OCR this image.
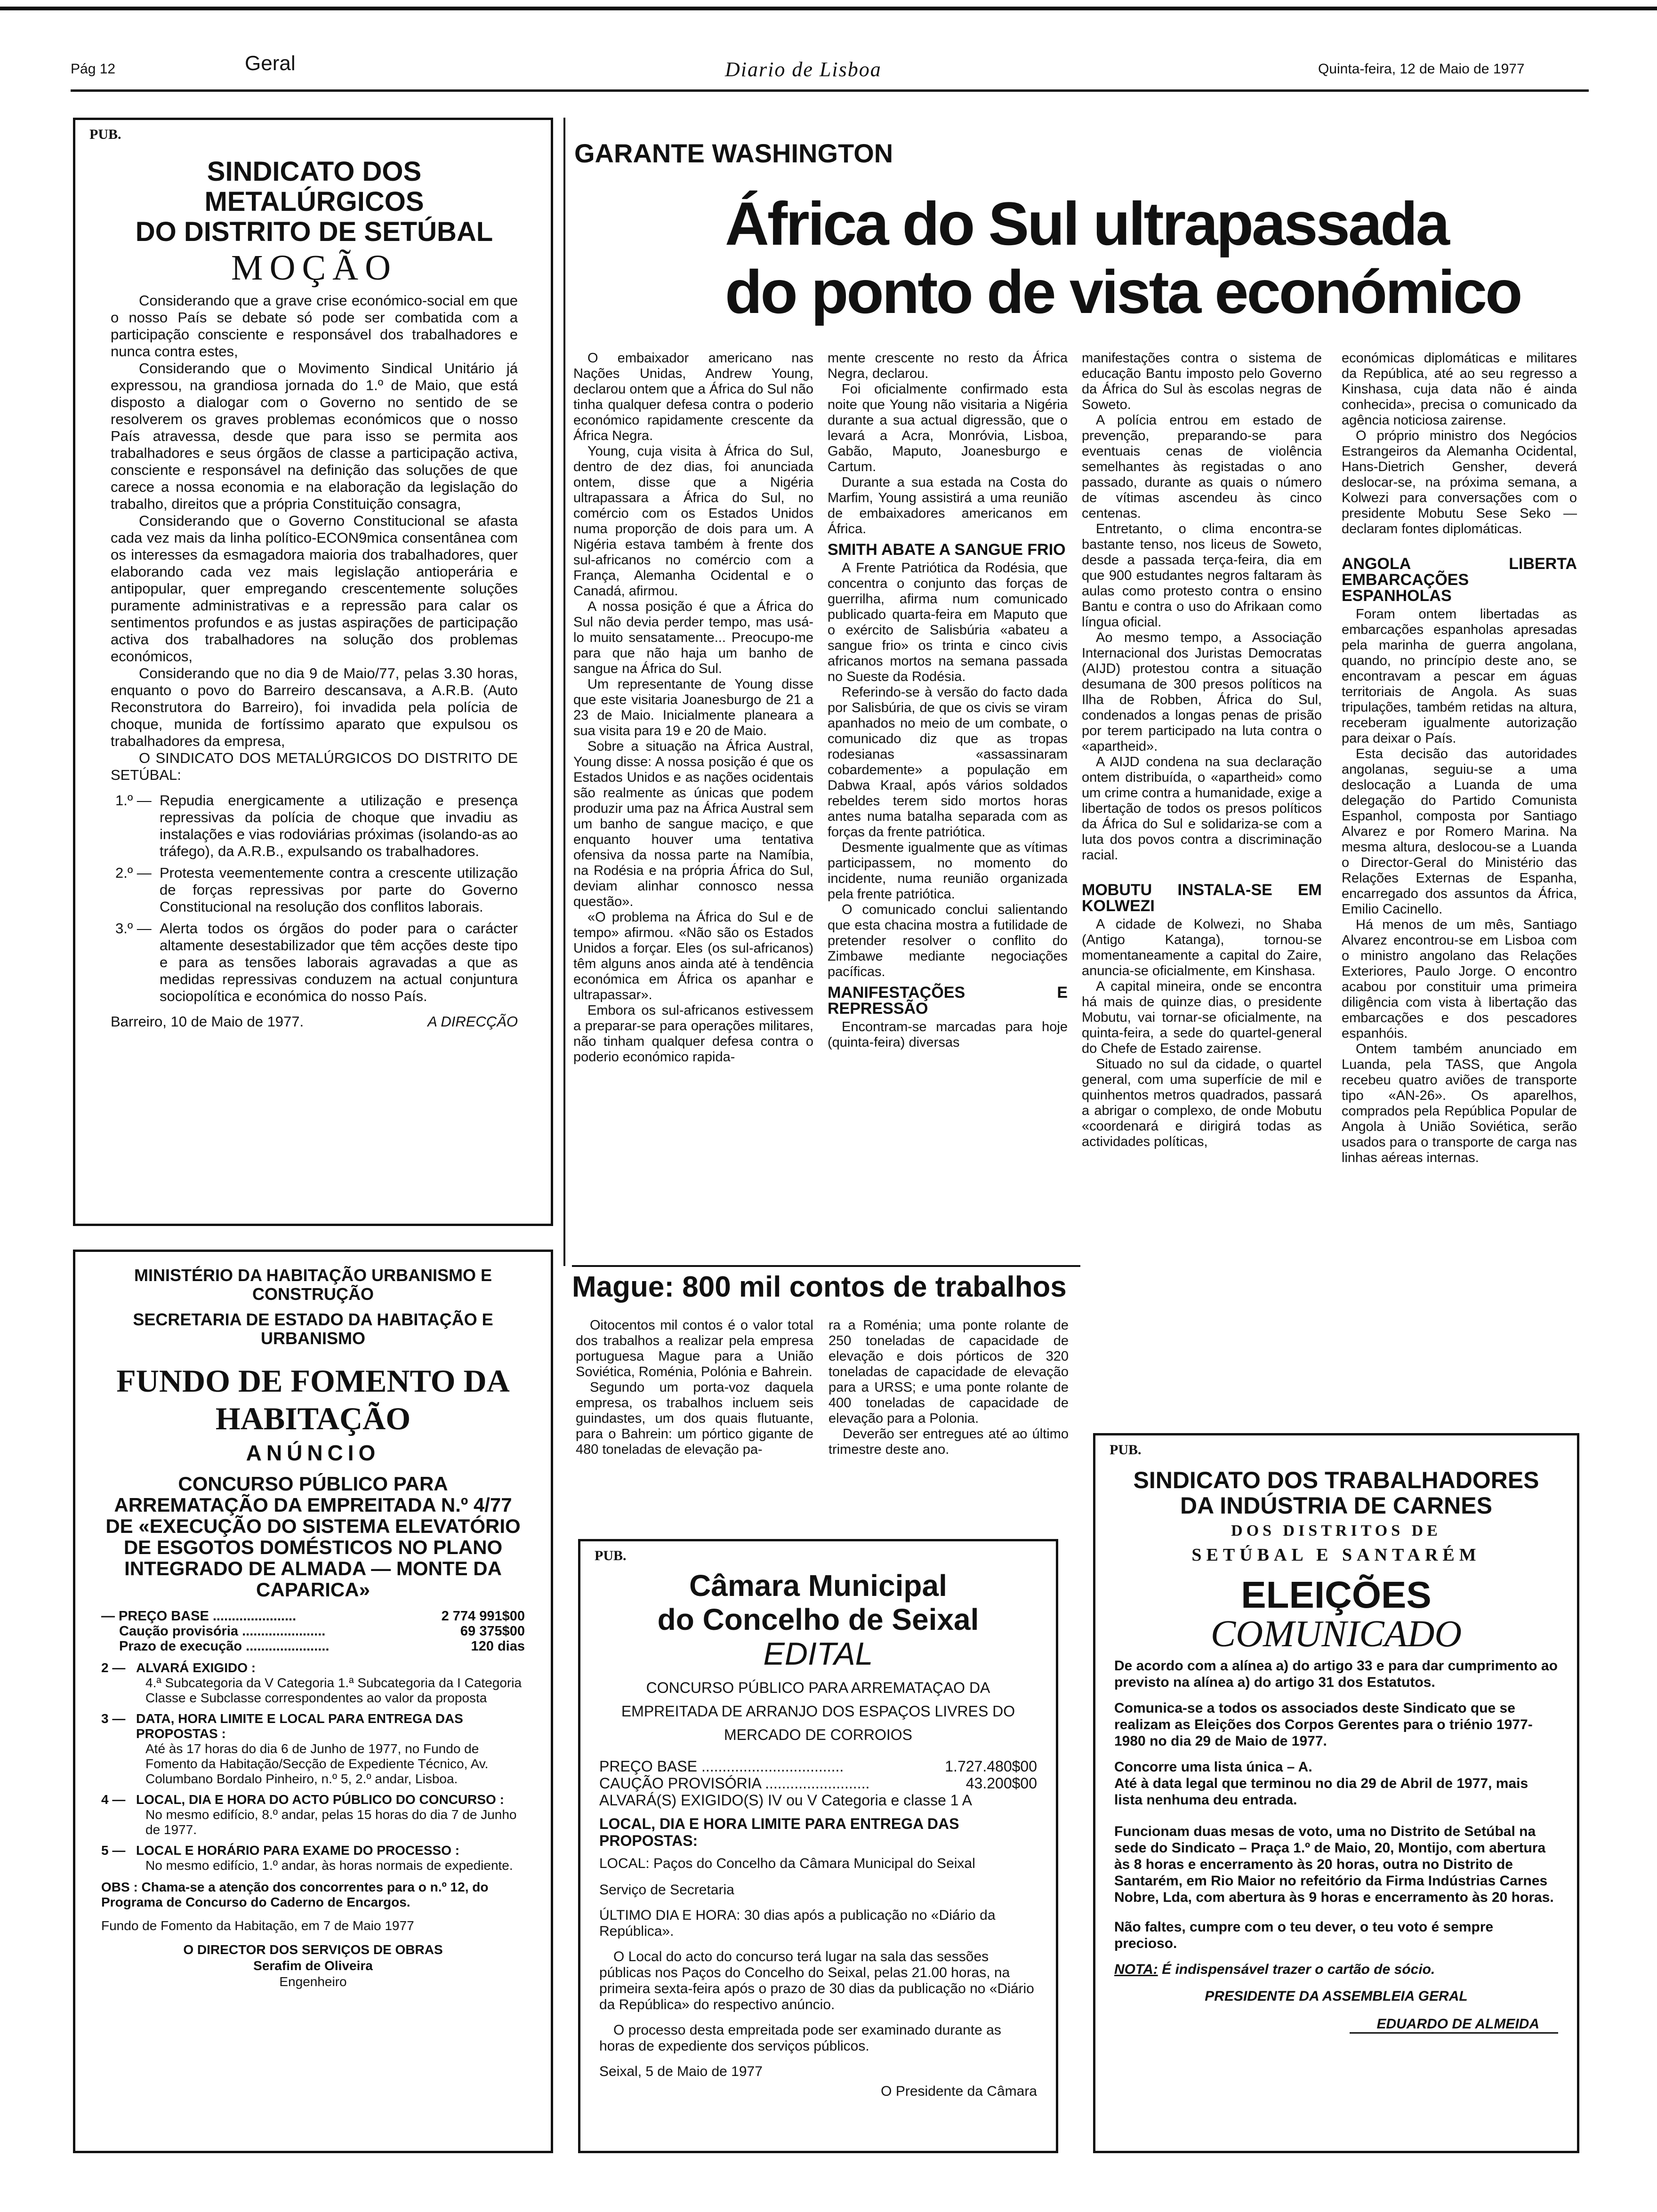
Pág 12	Geral	Diario de Lisboa	Quinta-feira, 12 de Maio de 1977
PUB.
SINDICATO DOS METALÚRGICOS
DO DISTRITO DE SETÚBAL
MOÇÃO

Considerando que a grave crise económico-social em que o nosso País se debate só pode ser combatida com a participação consciente e responsável dos trabalhadores e nunca contra estes,

Considerando que o Movimento Sindical Unitário já expressou, na grandiosa jornada do 1.º de Maio, que está disposto a dialogar com o Governo no sentido de se resolverem os graves problemas económicos que o nosso País atravessa, desde que para isso se permita aos trabalhadores e seus órgãos de classe a participação activa, consciente e responsável na definição das soluções de que carece a nossa economia e na elaboração da legislação do trabalho, direitos que a própria Constituição consagra,

Considerando que o Governo Constitucional se afasta cada vez mais da linha político-ECON9mica consentânea com os interesses da esmagadora maioria dos trabalhadores, quer elaborando cada vez mais legislação antioperária e antipopular, quer empregando crescentemente soluções puramente administrativas e a repressão para calar os sentimentos profundos e as justas aspirações de participação activa dos trabalhadores na solução dos problemas económicos,

Considerando que no dia 9 de Maio/77, pelas 3.30 horas, enquanto o povo do Barreiro descansava, a A.R.B. (Auto Reconstrutora do Barreiro), foi invadida pela polícia de choque, munida de fortíssimo aparato que expulsou os trabalhadores da empresa,

O SINDICATO DOS METALÚRGICOS DO DISTRITO DE SETÚBAL:

1.º — Repudia energicamente a utilização e presença repressivas da polícia de choque que invadiu as instalações e vias rodoviárias próximas (isolando-as ao tráfego), da A.R.B., expulsando os trabalhadores.
2.º — Protesta veementemente contra a crescente utilização de forças repressivas por parte do Governo Constitucional na resolução dos conflitos laborais.
3.º — Alerta todos os órgãos do poder para o carácter altamente desestabilizador que têm acções deste tipo e para as tensões laborais agravadas a que as medidas repressivas conduzem na actual conjuntura sociopolítica e económica do nosso País.
Barreiro, 10 de Maio de 1977.	A DIRECÇÃO
MINISTÉRIO DA HABITAÇÃO URBANISMO E CONSTRUÇÃO
SECRETARIA DE ESTADO DA HABITAÇÃO E URBANISMO
FUNDO DE FOMENTO DA HABITAÇÃO
ANÚNCIO
CONCURSO PÚBLICO PARA ARREMATAÇÃO DA EMPREITADA N.º 4/77 DE «EXECUÇÃO DO SISTEMA ELEVATÓRIO DE ESGOTOS DOMÉSTICOS NO PLANO INTEGRADO DE ALMADA — MONTE DA CAPARICA»
— PREÇO BASE ......................	2 774 991$00
Caução provisória ......................	69 375$00
Prazo de execução ......................	120 dias
2 — ALVARÁ EXIGIDO :
4.ª Subcategoria da V Categoria 1.ª Subcategoria da I Categoria Classe e Subclasse correspondentes ao valor da proposta
3 — DATA, HORA LIMITE E LOCAL PARA ENTREGA DAS PROPOSTAS :
Até às 17 horas do dia 6 de Junho de 1977, no Fundo de Fomento da Habitação/Secção de Expediente Técnico, Av. Columbano Bordalo Pinheiro, n.º 5, 2.º andar, Lisboa.
4 — LOCAL, DIA E HORA DO ACTO PÚBLICO DO CONCURSO :
No mesmo edifício, 8.º andar, pelas 15 horas do dia 7 de Junho de 1977.
5 — LOCAL E HORÁRIO PARA EXAME DO PROCESSO :
No mesmo edifício, 1.º andar, às horas normais de expediente.
OBS : Chama-se a atenção dos concorrentes para o n.º 12, do Programa de Concurso do Caderno de Encargos.
Fundo de Fomento da Habitação, em 7 de Maio 1977
O DIRECTOR DOS SERVIÇOS DE OBRAS
Serafim de Oliveira
Engenheiro
GARANTE WASHINGTON
África do Sul ultrapassada
do ponto de vista económico

O embaixador americano nas Nações Unidas, Andrew Young, declarou ontem que a África do Sul não tinha qualquer defesa contra o poderio económico rapidamente crescente da África Negra.

Young, cuja visita à África do Sul, dentro de dez dias, foi anunciada ontem, disse que a Nigéria ultrapassara a África do Sul, no comércio com os Estados Unidos numa proporção de dois para um. A Nigéria estava também à frente dos sul-africanos no comércio com a França, Alemanha Ocidental e o Canadá, afirmou.

A nossa posição é que a África do Sul não devia perder tempo, mas usá-lo muito sensatamente... Preocupo-me para que não haja um banho de sangue na África do Sul.

Um representante de Young disse que este visitaria Joanesburgo de 21 a 23 de Maio. Inicialmente planeara a sua visita para 19 e 20 de Maio.

Sobre a situação na África Austral, Young disse: A nossa posição é que os Estados Unidos e as nações ocidentais são realmente as únicas que podem produzir uma paz na África Austral sem um banho de sangue maciço, e que enquanto houver uma tentativa ofensiva da nossa parte na Namíbia, na Rodésia e na própria África do Sul, deviam alinhar connosco nessa questão».

«O problema na África do Sul e de tempo» afirmou. «Não são os Estados Unidos a forçar. Eles (os sul-africanos) têm alguns anos ainda até à tendência económica em África os apanhar e ultrapassar».

Embora os sul-africanos estivessem a preparar-se para operações militares, não tinham qualquer defesa contra o poderio económico rapida-

mente crescente no resto da África Negra, declarou.

Foi oficialmente confirmado esta noite que Young não visitaria a Nigéria durante a sua actual digressão, que o levará a Acra, Monróvia, Lisboa, Gabão, Maputo, Joanesburgo e Cartum.

Durante a sua estada na Costa do Marfim, Young assistirá a uma reunião de embaixadores americanos em África.

SMITH ABATE A SANGUE FRIO

A Frente Patriótica da Rodésia, que concentra o conjunto das forças de guerrilha, afirma num comunicado publicado quarta-feira em Maputo que o exército de Salisbúria «abateu a sangue frio» os trinta e cinco civis africanos mortos na semana passada no Sueste da Rodésia.

Referindo-se à versão do facto dada por Salisbúria, de que os civis se viram apanhados no meio de um combate, o comunicado diz que as tropas rodesianas «assassinaram cobardemente» a população em Dabwa Kraal, após vários soldados rebeldes terem sido mortos horas antes numa batalha separada com as forças da frente patriótica.

Desmente igualmente que as vítimas participassem, no momento do incidente, numa reunião organizada pela frente patriótica.

O comunicado conclui salientando que esta chacina mostra a futilidade de pretender resolver o conflito do Zimbawe mediante negociações pacíficas.

MANIFESTAÇÕES E REPRESSÃO

Encontram-se marcadas para hoje (quinta-feira) diversas

manifestações contra o sistema de educação Bantu imposto pelo Governo da África do Sul às escolas negras de Soweto.

A polícia entrou em estado de prevenção, preparando-se para eventuais cenas de violência semelhantes às registadas o ano passado, durante as quais o número de vítimas ascendeu às cinco centenas.

Entretanto, o clima encontra-se bastante tenso, nos liceus de Soweto, desde a passada terça-feira, dia em que 900 estudantes negros faltaram às aulas como protesto contra o ensino Bantu e contra o uso do Afrikaan como língua oficial.

Ao mesmo tempo, a Associação Internacional dos Juristas Democratas (AIJD) protestou contra a situação desumana de 300 presos políticos na Ilha de Robben, África do Sul, condenados a longas penas de prisão por terem participado na luta contra o «apartheid».

A AIJD condena na sua declaração ontem distribuída, o «apartheid» como um crime contra a humanidade, exige a libertação de todos os presos políticos da África do Sul e solidariza-se com a luta dos povos contra a discriminação racial.

MOBUTU INSTALA-SE EM KOLWEZI

A cidade de Kolwezi, no Shaba (Antigo Katanga), tornou-se momentaneamente a capital do Zaire, anuncia-se oficialmente, em Kinshasa.

A capital mineira, onde se encontra há mais de quinze dias, o presidente Mobutu, vai tornar-se oficialmente, na quinta-feira, a sede do quartel-general do Chefe de Estado zairense.

Situado no sul da cidade, o quartel general, com uma superfície de mil e quinhentos metros quadrados, passará a abrigar o complexo, de onde Mobutu «coordenará e dirigirá todas as actividades políticas,

económicas diplomáticas e militares da República, até ao seu regresso a Kinshasa, cuja data não é ainda conhecida», precisa o comunicado da agência noticiosa zairense.

O próprio ministro dos Negócios Estrangeiros da Alemanha Ocidental, Hans-Dietrich Gensher, deverá deslocar-se, na próxima semana, a Kolwezi para conversações com o presidente Mobutu Sese Seko — declaram fontes diplomáticas.

ANGOLA LIBERTA EMBARCAÇÕES ESPANHOLAS

Foram ontem libertadas as embarcações espanholas apresadas pela marinha de guerra angolana, quando, no princípio deste ano, se encontravam a pescar em águas territoriais de Angola. As suas tripulações, também retidas na altura, receberam igualmente autorização para deixar o País.

Esta decisão das autoridades angolanas, seguiu-se a uma deslocação a Luanda de uma delegação do Partido Comunista Espanhol, composta por Santiago Alvarez e por Romero Marina. Na mesma altura, deslocou-se a Luanda o Director-Geral do Ministério das Relações Externas de Espanha, encarregado dos assuntos da África, Emilio Cacinello.

Há menos de um mês, Santiago Alvarez encontrou-se em Lisboa com o ministro angolano das Relações Exteriores, Paulo Jorge. O encontro acabou por constituir uma primeira diligência com vista à libertação das embarcações e dos pescadores espanhóis.

Ontem também anunciado em Luanda, pela TASS, que Angola recebeu quatro aviões de transporte tipo «AN-26». Os aparelhos, comprados pela República Popular de Angola à União Soviética, serão usados para o transporte de carga nas linhas aéreas internas.

Mague: 800 mil contos de trabalhos

Oitocentos mil contos é o valor total dos trabalhos a realizar pela empresa portuguesa Mague para a União Soviética, Roménia, Polónia e Bahrein.

Segundo um porta-voz daquela empresa, os trabalhos incluem seis guindastes, um dos quais flutuante, para o Bahrein: um pórtico gigante de 480 toneladas de elevação pa-

ra a Roménia; uma ponte rolante de 250 toneladas de capacidade de elevação e dois pórticos de 320 toneladas de capacidade de elevação para a URSS; e uma ponte rolante de 400 toneladas de capacidade de elevação para a Polonia.

Deverão ser entregues até ao último trimestre deste ano.

PUB.
Câmara Municipal
do Concelho de Seixal
EDITAL
CONCURSO PÚBLICO PARA ARREMATAÇAO DA EMPREITADA DE ARRANJO DOS ESPAÇOS LIVRES DO MERCADO DE CORROIOS
PREÇO BASE ..................................	1.727.480$00
CAUÇÃO PROVISÓRIA .........................	43.200$00
ALVARÁ(S) EXIGIDO(S) IV ou V Categoria e classe 1 A
LOCAL, DIA E HORA LIMITE PARA ENTREGA DAS PROPOSTAS:
LOCAL: Paços do Concelho da Câmara Municipal do Seixal
Serviço de Secretaria
ÚLTIMO DIA E HORA: 30 dias após a publicação no «Diário da República».
O Local do acto do concurso terá lugar na sala das sessões públicas nos Paços do Concelho do Seixal, pelas 21.00 horas, na primeira sexta-feira após o prazo de 30 dias da publicação no «Diário da República» do respectivo anúncio.
O processo desta empreitada pode ser examinado durante as horas de expediente dos serviços públicos.
Seixal, 5 de Maio de 1977
O Presidente da Câmara
PUB.
SINDICATO DOS TRABALHADORES
DA INDÚSTRIA DE CARNES
DOS DISTRITOS DE
SETÚBAL E SANTARÉM
ELEIÇÕES
COMUNICADO

De acordo com a alínea a) do artigo 33 e para dar cumprimento ao previsto na alínea a) do artigo 31 dos Estatutos.

Comunica-se a todos os associados deste Sindicato que se realizam as Eleições dos Corpos Gerentes para o triénio 1977-1980 no dia 29 de Maio de 1977.

Concorre uma lista única – A.

Até à data legal que terminou no dia 29 de Abril de 1977, mais lista nenhuma deu entrada.

Funcionam duas mesas de voto, uma no Distrito de Setúbal na sede do Sindicato – Praça 1.º de Maio, 20, Montijo, com abertura às 8 horas e encerramento às 20 horas, outra no Distrito de Santarém, em Rio Maior no refeitório da Firma Indústrias Carnes Nobre, Lda, com abertura às 9 horas e encerramento às 20 horas.

Não faltes, cumpre com o teu dever, o teu voto é sempre precioso.

NOTA: É indispensável trazer o cartão de sócio.

PRESIDENTE DA ASSEMBLEIA GERAL

EDUARDO DE ALMEIDA
